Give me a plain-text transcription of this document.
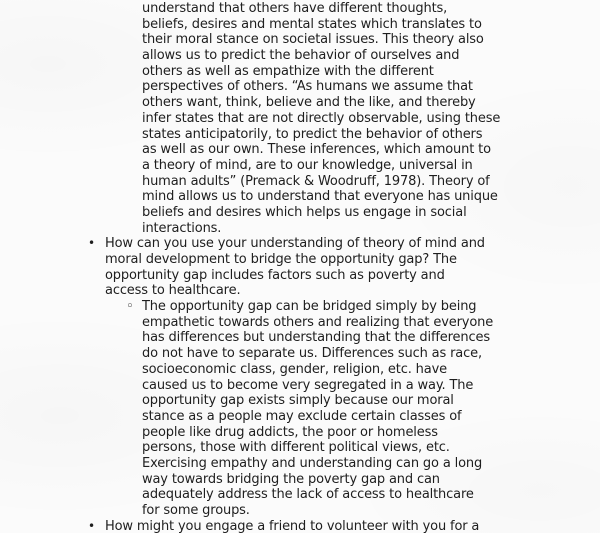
understand that others have different thoughts,
beliefs, desires and mental states which translates to
their moral stance on societal issues. This theory also
allows us to predict the behavior of ourselves and
others as well as empathize with the different
perspectives of others. “As humans we assume that
others want, think, believe and the like, and thereby
infer states that are not directly observable, using these
states anticipatorily, to predict the behavior of others
as well as our own. These inferences, which amount to
a theory of mind, are to our knowledge, universal in
human adults” (Premack & Woodruff, 1978). Theory of
mind allows us to understand that everyone has unique
beliefs and desires which helps us engage in social
interactions.
• How can you use your understanding of theory of mind and
moral development to bridge the opportunity gap? The
opportunity gap includes factors such as poverty and
access to healthcare.
◦ The opportunity gap can be bridged simply by being
empathetic towards others and realizing that everyone
has differences but understanding that the differences
do not have to separate us. Differences such as race,
socioeconomic class, gender, religion, etc. have
caused us to become very segregated in a way. The
opportunity gap exists simply because our moral
stance as a people may exclude certain classes of
people like drug addicts, the poor or homeless
persons, those with different political views, etc.
Exercising empathy and understanding can go a long
way towards bridging the poverty gap and can
adequately address the lack of access to healthcare
for some groups.
• How might you engage a friend to volunteer with you for a
